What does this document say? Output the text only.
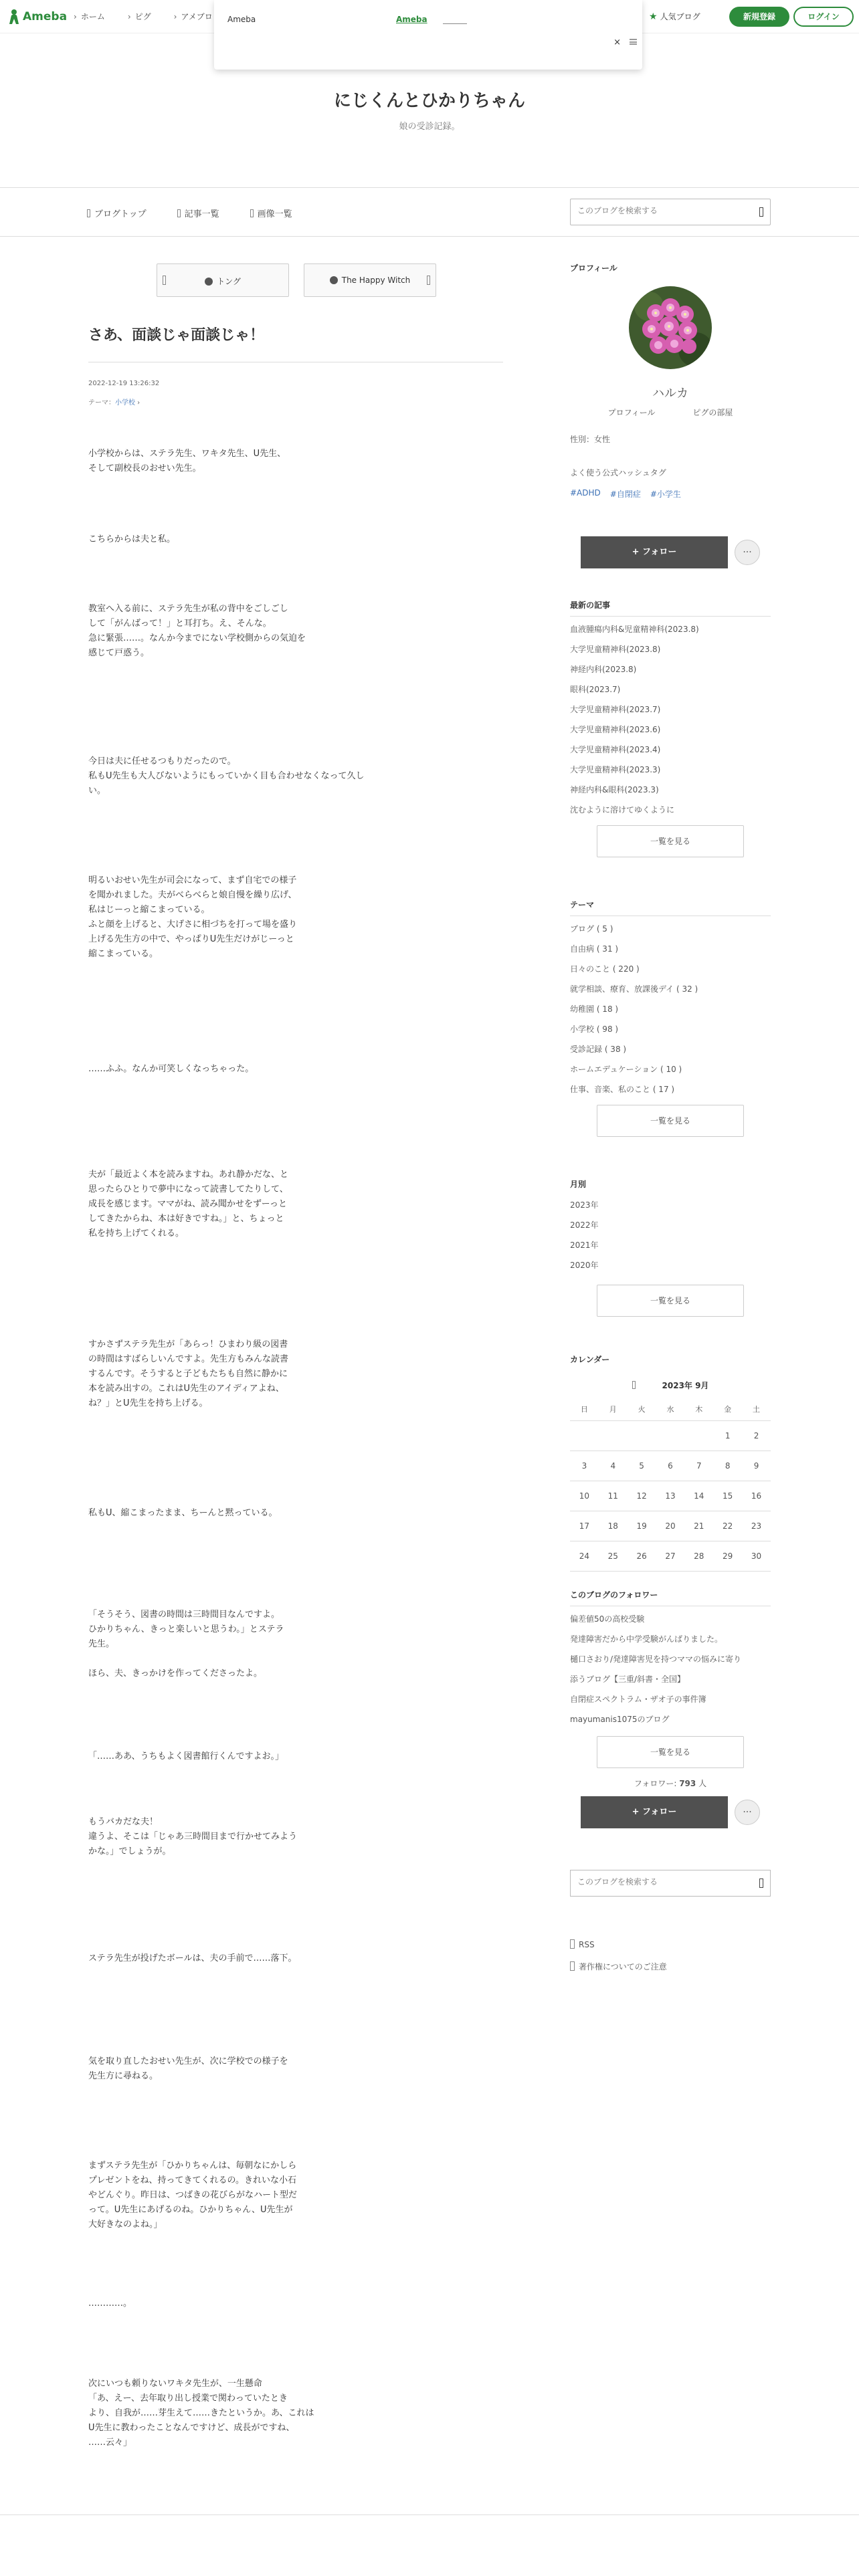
Ameba	› ホーム	› ピグ	› アメブロ	★ 人気ブログ	新規登録	ログイン
Ameba	Ameba
×
にじくんとひかりちゃん
娘の受診記録。
ブログトップ	記事一覧	画像一覧
このブログを検索する
トング	The Happy Witch
さあ、面談じゃ面談じゃ！
2022-12-19 13:26:32
テーマ：小学校 ›
小学校からは、ステラ先生、ワキタ先生、U先生、
そして副校長のおせい先生。
こちらからは夫と私。
教室へ入る前に、ステラ先生が私の背中をごしごし
して「がんばって！」と耳打ち。え、そんな。
急に緊張……。なんか今までにない学校側からの気迫を
感じて戸惑う。
今日は夫に任せるつもりだったので。
私もU先生も大人びないようにもっていかく目も合わせなくなって久しい。
明るいおせい先生が司会になって、まず自宅での様子
を聞かれました。夫がべらべらと娘自慢を繰り広げ、
私はじーっと縮こまっている。
ふと顔を上げると、大げさに相づちを打って場を盛り
上げる先生方の中で、やっぱりU先生だけがじーっと
縮こまっている。
……ふふ。なんか可笑しくなっちゃった。
夫が「最近よく本を読みますね。あれ静かだな、と
思ったらひとりで夢中になって読書してたりして、
成長を感じます。ママがね、読み聞かせをずーっと
してきたからね、本は好きですね。」と、ちょっと
私を持ち上げてくれる。
すかさずステラ先生が「あらっ！ひまわり級の図書
の時間はすばらしいんですよ。先生方もみんな読書
するんです。そうすると子どもたちも自然に静かに
本を読み出すの。これはU先生のアイディアよね、
ね？」とU先生を持ち上げる。
私もU、縮こまったまま、ちーんと黙っている。
「そうそう、図書の時間は三時間目なんですよ。
ひかりちゃん、きっと楽しいと思うわ。」とステラ
先生。
ほら、夫、きっかけを作ってくださったよ。
「……ああ、うちもよく図書館行くんですよお。」
もうバカだな夫！
違うよ、そこは「じゃあ三時間目まで行かせてみよう
かな。」でしょうが。
ステラ先生が投げたボールは、夫の手前で……落下。
気を取り直したおせい先生が、次に学校での様子を
先生方に尋ねる。
まずステラ先生が「ひかりちゃんは、毎朝なにかしら
プレゼントをね、持ってきてくれるの。きれいな小石
やどんぐり。昨日は、つばきの花びらがなハート型だ
って。U先生にあげるのね。ひかりちゃん、U先生が
大好きなのよね。」
…………。
次にいつも頼りないワキタ先生が、一生懸命
「あ、えー、去年取り出し授業で関わっていたとき
より、自我が……芽生えて……きたというか。あ、これは
U先生に教わったことなんですけど、成長がですね、
……云々」
プロフィール
ハルカ
プロフィール	ピグの部屋
性別：女性
よく使う公式ハッシュタグ
#ADHD #自閉症 #小学生
+ フォロー	···
最新の記事
血液腫瘍内科&児童精神科(2023.8)
大学児童精神科(2023.8)
神経内科(2023.8)
眼科(2023.7)
大学児童精神科(2023.7)
大学児童精神科(2023.6)
大学児童精神科(2023.4)
大学児童精神科(2023.3)
神経内科&眼科(2023.3)
沈むように溶けてゆくように
一覧を見る
テーマ
ブログ ( 5 )
自由病 ( 31 )
日々のこと ( 220 )
就学相談、療育、放課後デイ ( 32 )
幼稚園 ( 18 )
小学校 ( 98 )
受診記録 ( 38 )
ホームエデュケーション ( 10 )
仕事、音楽、私のこと ( 17 )
一覧を見る
月別
2023年
2022年
2021年
2020年
一覧を見る
カレンダー
2023年 9月
日	月	火	水	木	金	土
					1	2
3	4	5	6	7	8	9
10	11	12	13	14	15	16
17	18	19	20	21	22	23
24	25	26	27	28	29	30
このブログのフォロワー
偏差値50の高校受験
発達障害だから中学受験がんばりました。
樋口さおり/発達障害児を持つママの悩みに寄り
添うブログ【三重/斜書・全国】
自閉症スペクトラム・ザオ子の事件簿
mayumanis1075のブログ
一覧を見る
フォロワー: 793 人
+ フォロー	···
このブログを検索する
RSS
著作権についてのご注意
